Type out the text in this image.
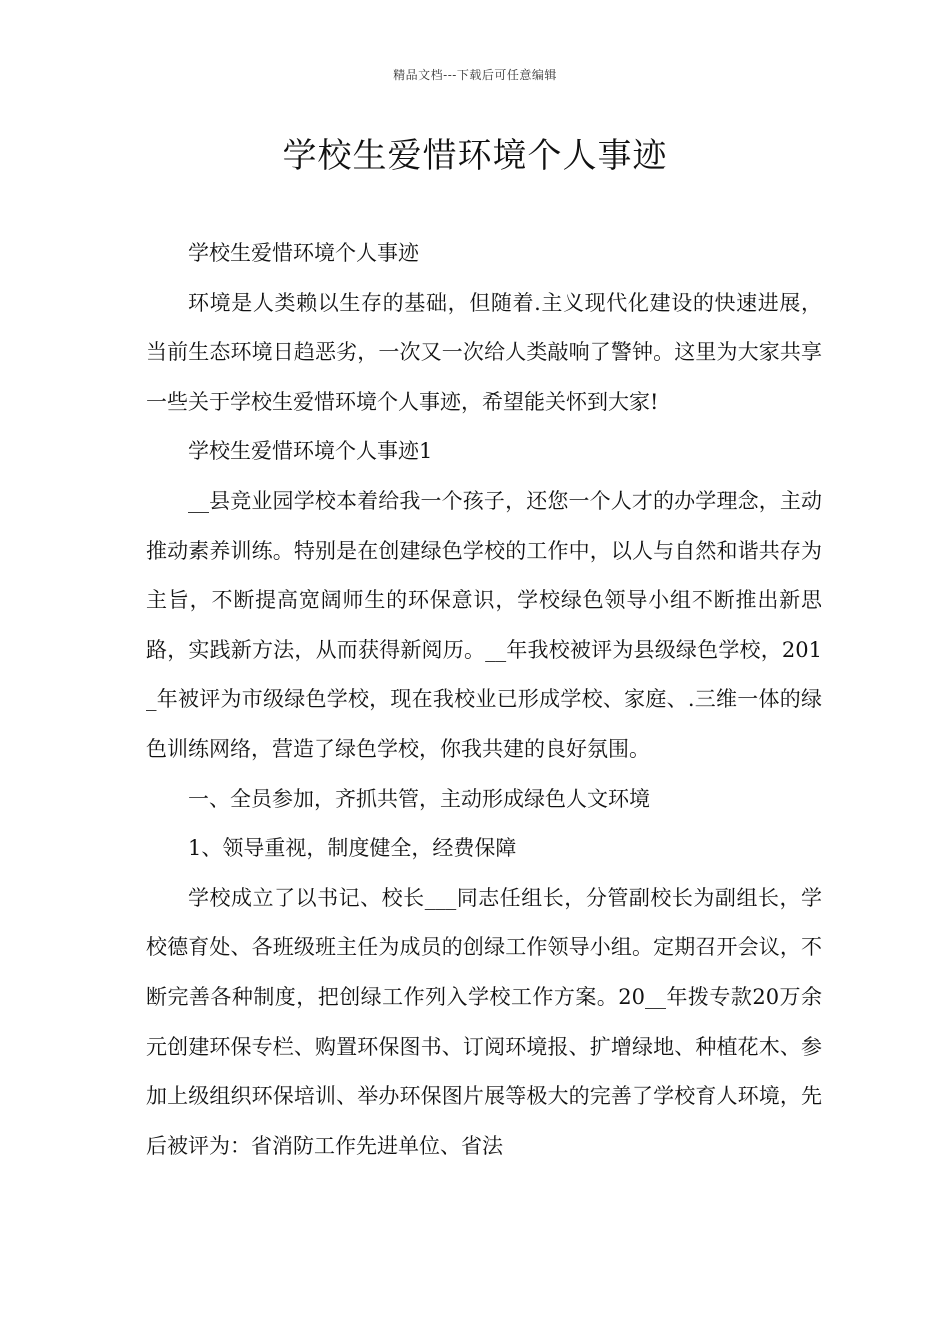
精品文档---下载后可任意编辑
学校生爱惜环境个人事迹

学校生爱惜环境个人事迹

环境是人类赖以生存的基础，但随着.主义现代化建设的快速进展，当前生态环境日趋恶劣，一次又一次给人类敲响了警钟。这里为大家共享一些关于学校生爱惜环境个人事迹，希望能关怀到大家!

学校生爱惜环境个人事迹1

__县竞业园学校本着给我一个孩子，还您一个人才的办学理念，主动推动素养训练。特别是在创建绿色学校的工作中，以人与自然和谐共存为主旨，不断提高宽阔师生的环保意识，学校绿色领导小组不断推出新思路，实践新方法，从而获得新阅历。__年我校被评为县级绿色学校，201_年被评为市级绿色学校，现在我校业已形成学校、家庭、.三维一体的绿色训练网络，营造了绿色学校，你我共建的良好氛围。

一、全员参加，齐抓共管，主动形成绿色人文环境

1、领导重视，制度健全，经费保障

学校成立了以书记、校长___同志任组长，分管副校长为副组长，学校德育处、各班级班主任为成员的创绿工作领导小组。定期召开会议，不断完善各种制度，把创绿工作列入学校工作方案。20__年拨专款20万余元创建环保专栏、购置环保图书、订阅环境报、扩增绿地、种植花木、参加上级组织环保培训、举办环保图片展等极大的完善了学校育人环境，先后被评为：省消防工作先进单位、省法
